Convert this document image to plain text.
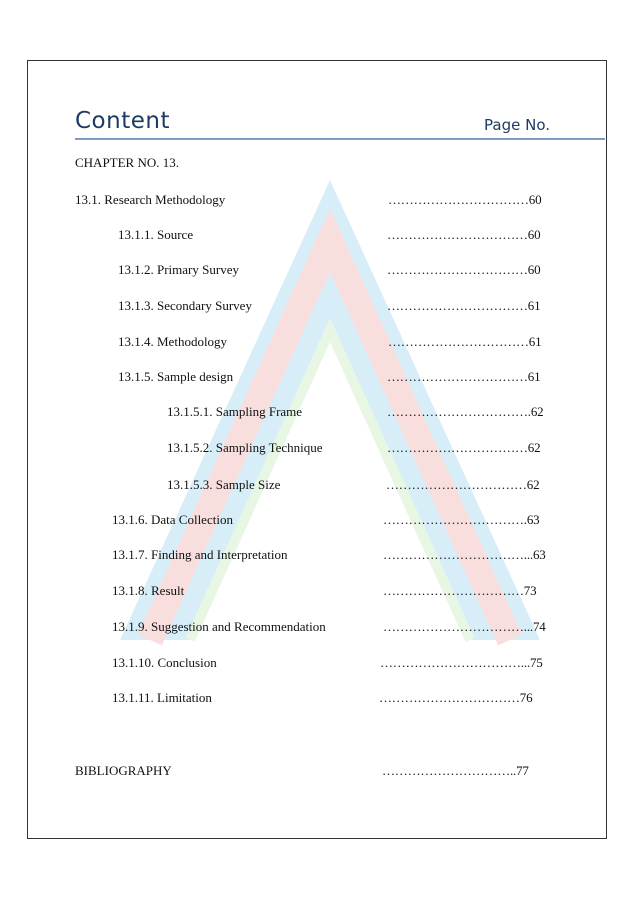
Content	Page No.
CHAPTER NO. 13.
13.1. Research Methodology	……………………………60
13.1.1. Source	……………………………60
13.1.2. Primary Survey	……………………………60
13.1.3. Secondary Survey	……………………………61
13.1.4. Methodology	……………………………61
13.1.5. Sample design	……………………………61
13.1.5.1. Sampling Frame	…………………………….62
13.1.5.2. Sampling Technique	……………………………62
13.1.5.3. Sample Size	……………………………62
13.1.6. Data Collection	…………………………….63
13.1.7. Finding and Interpretation	……………………………...63
13.1.8. Result	……………………………73
13.1.9. Suggestion and Recommendation	……………………………...74
13.1.10. Conclusion	……………………………...75
13.1.11. Limitation	……………………………76
BIBLIOGRAPHY	…………………………..77
